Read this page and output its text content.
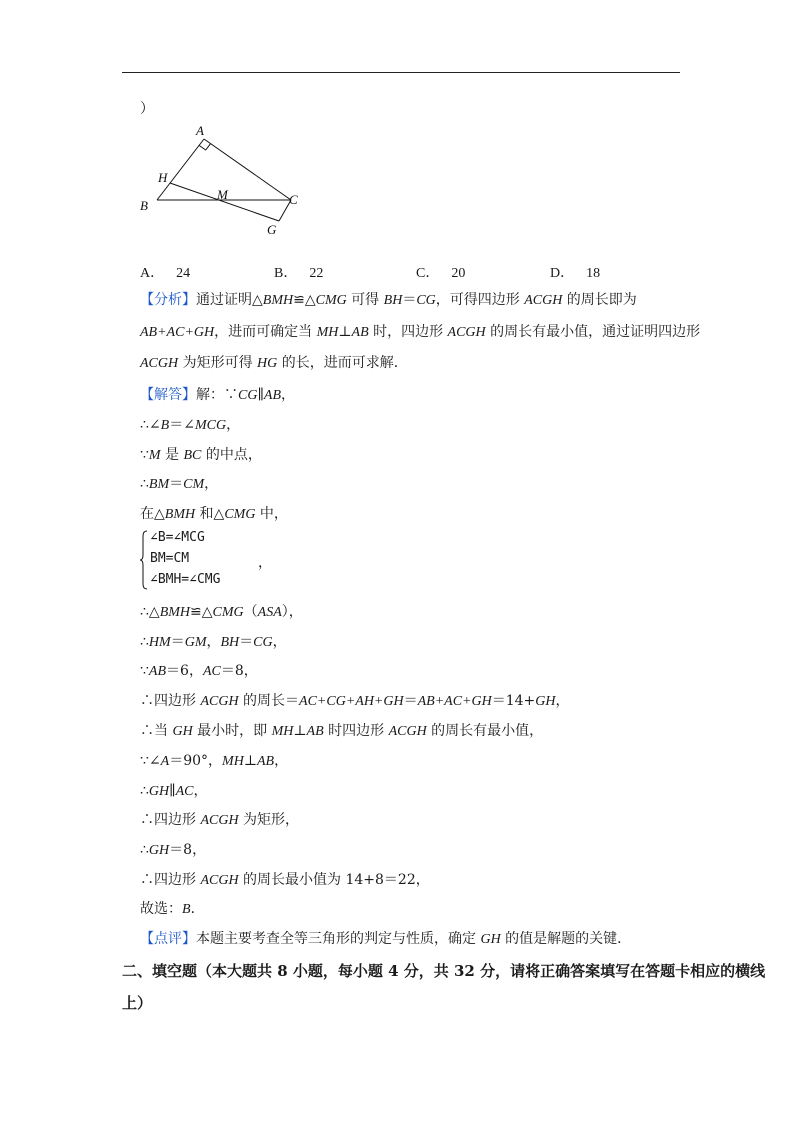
）
A
B	C
H
M
G
A． 24	B． 22	C． 20	D． 18
【分析】通过证明△BMH≌△CMG 可得 BH＝CG，可得四边形 ACGH 的周长即为
AB+AC+GH，进而可确定当 MH⊥AB 时，四边形 ACGH 的周长有最小值，通过证明四边形
ACGH 为矩形可得 HG 的长，进而可求解．
【解答】解：∵CG∥AB，
∴∠B＝∠MCG，
∵M 是 BC 的中点，
∴BM＝CM，
在△BMH 和△CMG 中，
∠B=∠MCG
BM=CM
∠BMH=∠CMG
，
∴△BMH≌△CMG（ASA），
∴HM＝GM，BH＝CG，
∵AB＝6，AC＝8，
∴四边形 ACGH 的周长＝AC+CG+AH+GH＝AB+AC+GH＝14+GH，
∴当 GH 最小时，即 MH⊥AB 时四边形 ACGH 的周长有最小值，
∵∠A＝90°，MH⊥AB，
∴GH∥AC，
∴四边形 ACGH 为矩形，
∴GH＝8，
∴四边形 ACGH 的周长最小值为 14+8＝22，
故选：B．
【点评】本题主要考查全等三角形的判定与性质，确定 GH 的值是解题的关键．
二、填空题（本大题共 8 小题，每小题 4 分，共 32 分，请将正确答案填写在答题卡相应的横线
上）
